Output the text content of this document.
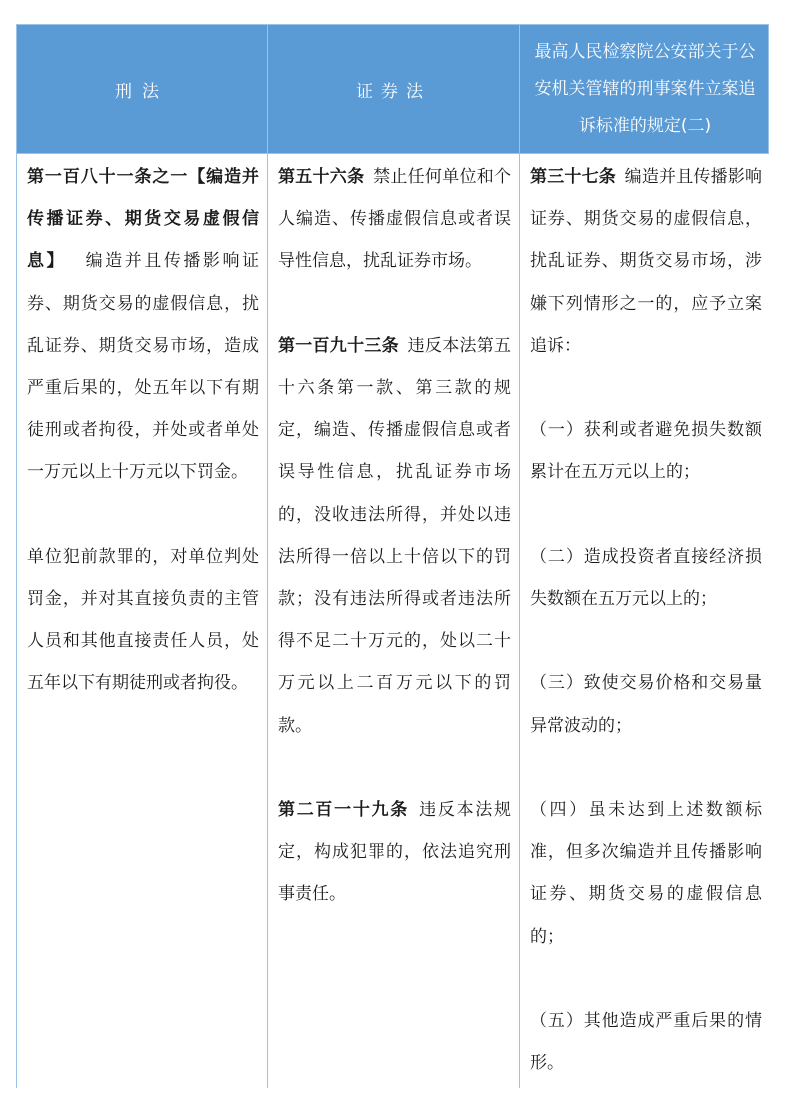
刑法	证券法
最高人民检察院公安部关于公安机关管辖的刑事案件立案追诉标准的规定(二)

第一百八十一条之一【编造并传播证券、期货交易虚假信息】  编造并且传播影响证券、期货交易的虚假信息，扰乱证券、期货交易市场，造成严重后果的，处五年以下有期徒刑或者拘役，并处或者单处一万元以上十万元以下罚金。

单位犯前款罪的，对单位判处罚金，并对其直接负责的主管人员和其他直接责任人员，处五年以下有期徒刑或者拘役。

第五十六条  禁止任何单位和个人编造、传播虚假信息或者误导性信息，扰乱证券市场。

第一百九十三条  违反本法第五十六条第一款、第三款的规定，编造、传播虚假信息或者误导性信息，扰乱证券市场的，没收违法所得，并处以违法所得一倍以上十倍以下的罚款；没有违法所得或者违法所得不足二十万元的，处以二十万元以上二百万元以下的罚款。

第二百一十九条  违反本法规定，构成犯罪的，依法追究刑事责任。

第三十七条  编造并且传播影响证券、期货交易的虚假信息，扰乱证券、期货交易市场，涉嫌下列情形之一的，应予立案追诉：

（一）获利或者避免损失数额累计在五万元以上的；

（二）造成投资者直接经济损失数额在五万元以上的；

（三）致使交易价格和交易量异常波动的；

（四）虽未达到上述数额标准，但多次编造并且传播影响证券、期货交易的虚假信息的；

（五）其他造成严重后果的情形。
